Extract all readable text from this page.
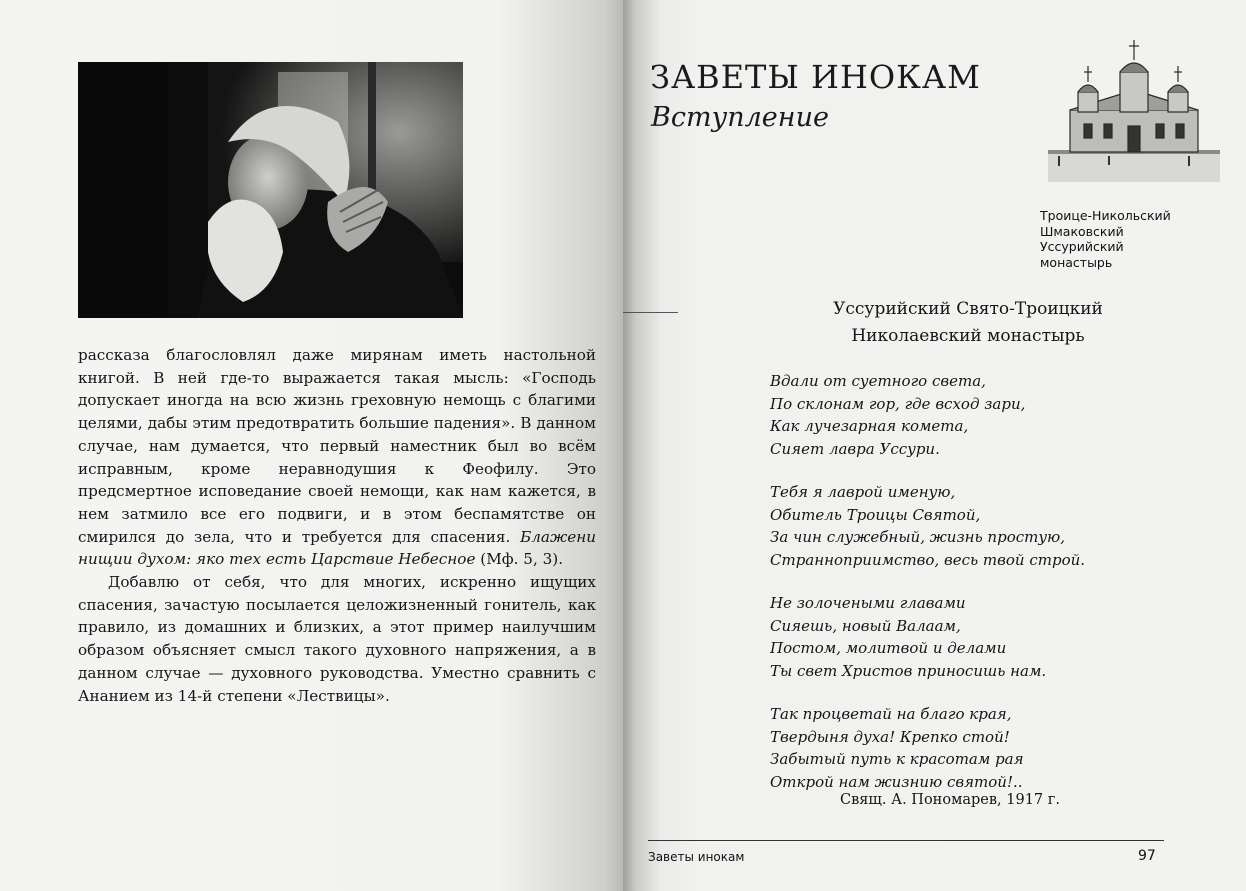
рассказа благословлял даже мирянам иметь настольной книгой. В ней где-то выражается такая мысль: «Господь допускает иногда на всю жизнь греховную немощь с благими целями, дабы этим предотвратить большие падения». В данном случае, нам думается, что первый наместник был во всём исправным, кроме неравнодушия к Феофилу. Это предсмертное исповедание своей немощи, как нам кажется, в нем затмило все его подвиги, и в этом беспамятстве он смирился до зела, что и требуется для спасения. Блажени нищии духом: яко тех есть Царствие Небесное (Мф. 5, 3).

Добавлю от себя, что для многих, искренно ищущих спасения, зачастую посылается целожизненный гонитель, как правило, из домашних и близких, а этот пример наилучшим образом объясняет смысл такого духовного напряжения, а в данном случае — духовного руководства. Уместно сравнить с Ананием из 14-й степени «Лествицы».

ЗАВЕТЫ ИНОКАМ
Вступление
Троице-Никольский Шмаковский Уссурийский монастырь
Уссурийский Свято-Троицкий
Николаевский монастырь
Вдали от суетного света,
По склонам гор, где всход зари,
Как лучезарная комета,
Сияет лавра Уссури.
Тебя я лаврой именую,
Обитель Троицы Святой,
За чин служебный, жизнь простую,
Странноприимство, весь твой строй.
Не золочеными главами
Сияешь, новый Валаам,
Постом, молитвой и делами
Ты свет Христов приносишь нам.
Так процветай на благо края,
Твердыня духа! Крепко стой!
Забытый путь к красотам рая
Открой нам жизнию святой!..
Свящ. А. Пономарев, 1917 г.
Заветы инокам	97
